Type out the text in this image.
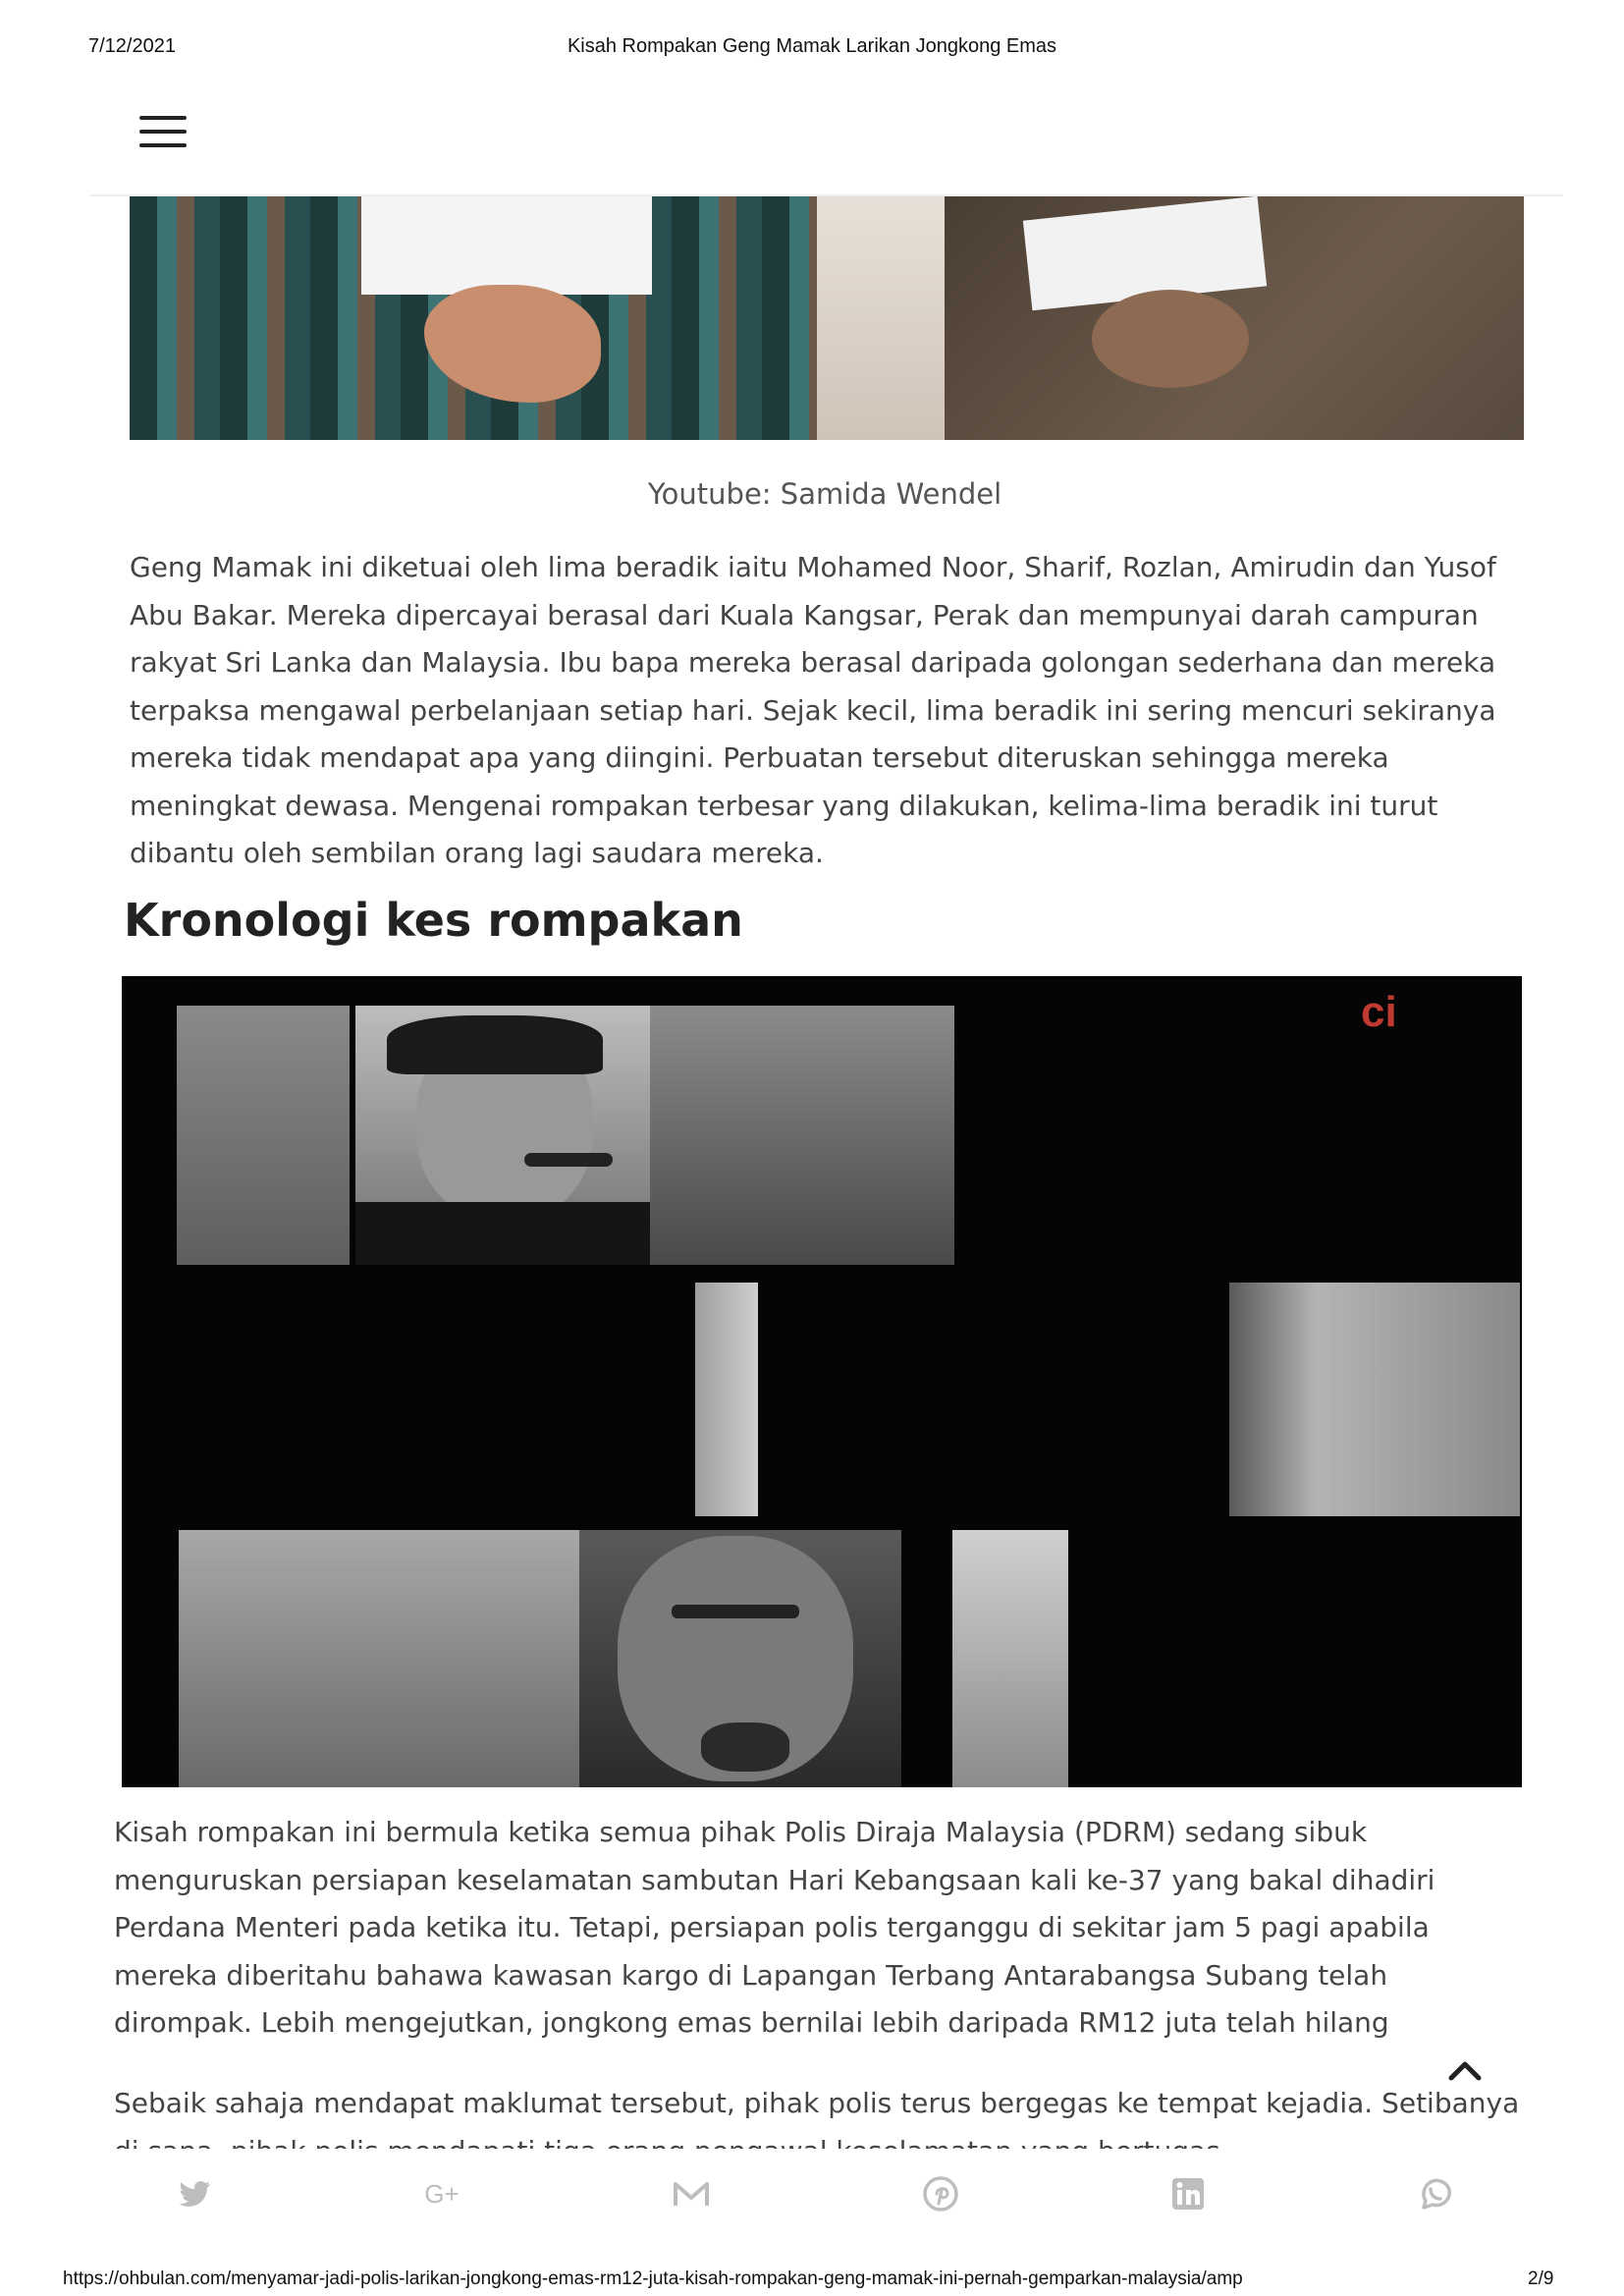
7/12/2021	Kisah Rompakan Geng Mamak Larikan Jongkong Emas
Youtube: Samida Wendel

Geng Mamak ini diketuai oleh lima beradik iaitu Mohamed Noor, Sharif, Rozlan, Amirudin dan Yusof Abu Bakar. Mereka dipercayai berasal dari Kuala Kangsar, Perak dan mempunyai darah campuran rakyat Sri Lanka dan Malaysia. Ibu bapa mereka berasal daripada golongan sederhana dan mereka terpaksa mengawal perbelanjaan setiap hari. Sejak kecil, lima beradik ini sering mencuri sekiranya mereka tidak mendapat apa yang diingini. Perbuatan tersebut diteruskan sehingga mereka meningkat dewasa. Mengenai rompakan terbesar yang dilakukan, kelima-lima beradik ini turut dibantu oleh sembilan orang lagi saudara mereka.

Kronologi kes rompakan
ci

Kisah rompakan ini bermula ketika semua pihak Polis Diraja Malaysia (PDRM) sedang sibuk menguruskan persiapan keselamatan sambutan Hari Kebangsaan kali ke-37 yang bakal dihadiri Perdana Menteri pada ketika itu. Tetapi, persiapan polis terganggu di sekitar jam 5 pagi apabila mereka diberitahu bahawa kawasan kargo di Lapangan Terbang Antarabangsa Subang telah dirompak. Lebih mengejutkan, jongkong emas bernilai lebih daripada RM12 juta telah hilang

Sebaik sahaja mendapat maklumat tersebut, pihak polis terus bergegas ke tempat kejadia. Setibanya

G+
https://ohbulan.com/menyamar-jadi-polis-larikan-jongkong-emas-rm12-juta-kisah-rompakan-geng-mamak-ini-pernah-gemparkan-malaysia/amp	2/9
